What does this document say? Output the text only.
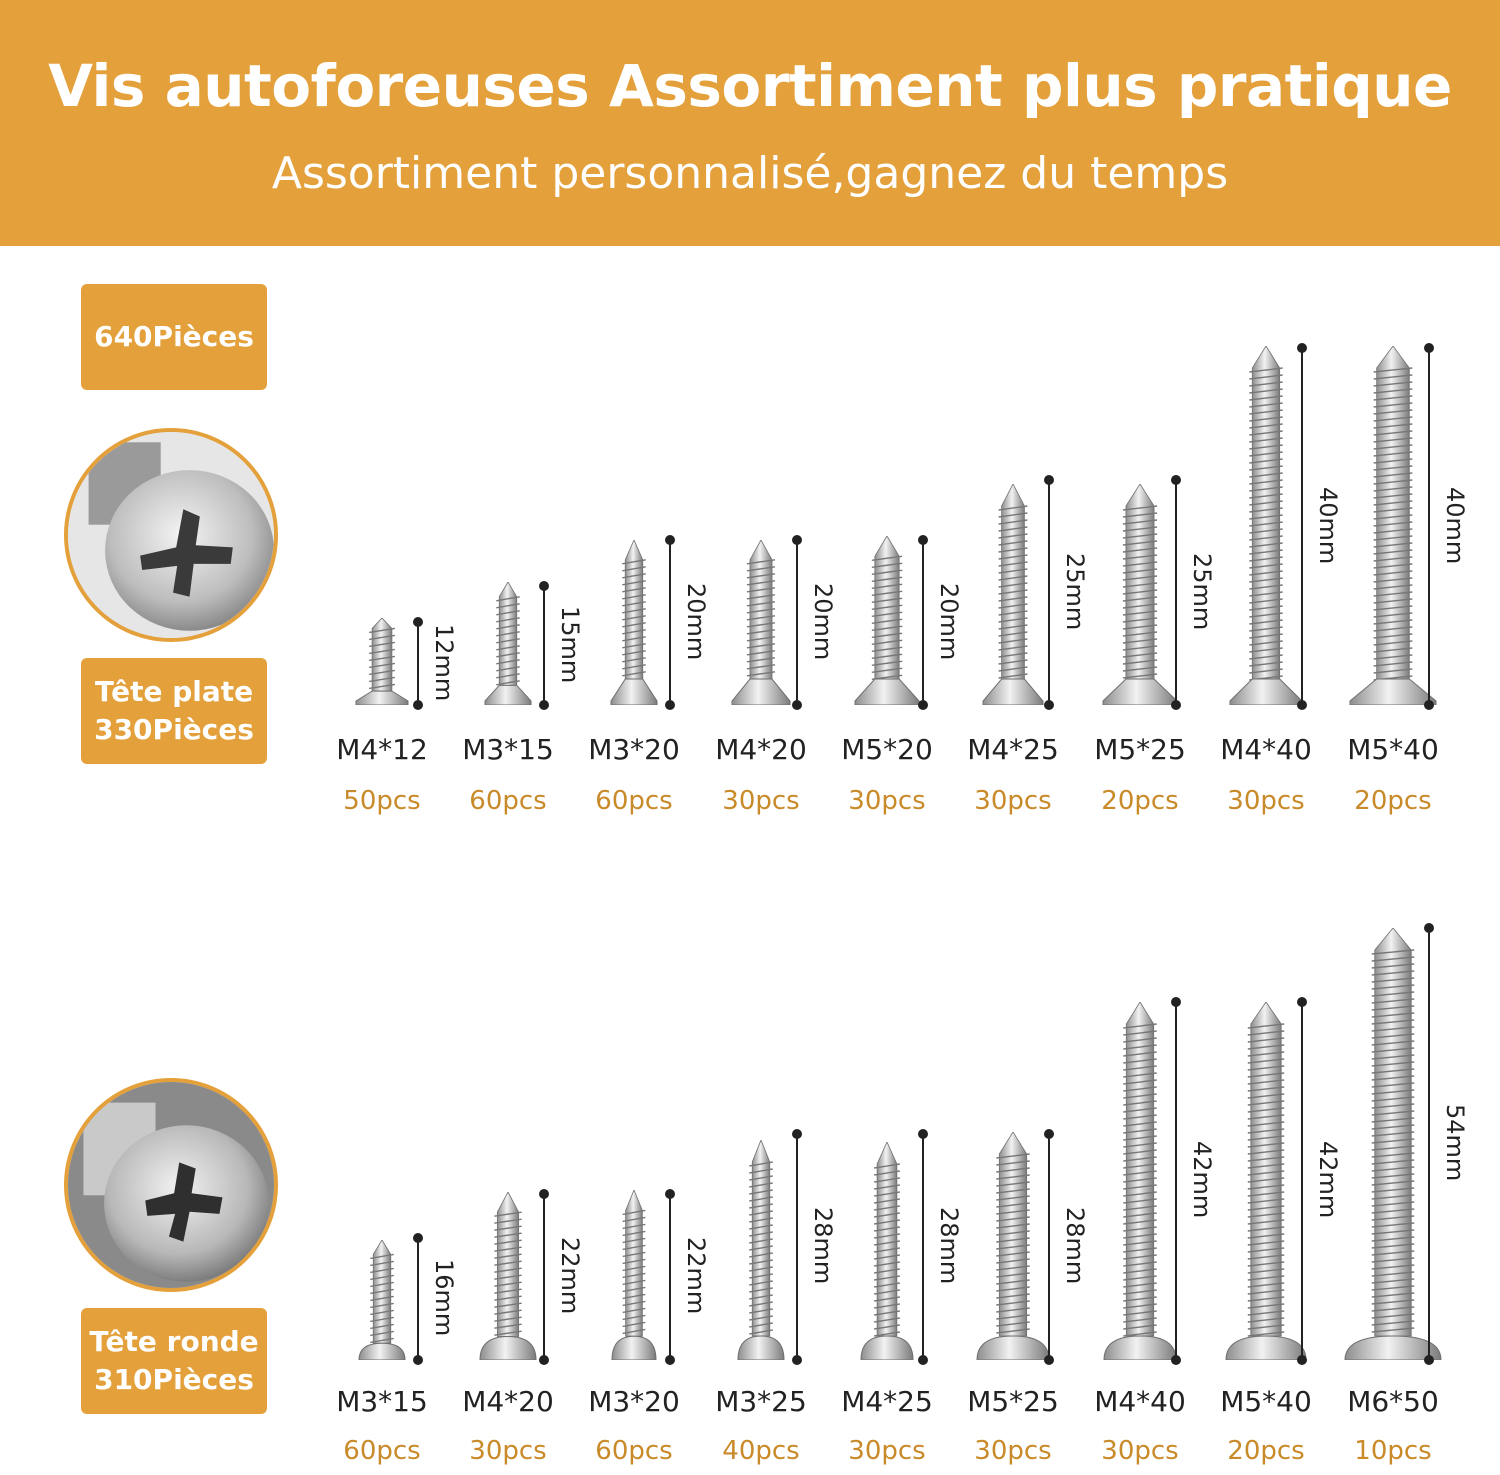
Vis autoforeuses Assortiment plus pratique
Assortiment personnalisé,gagnez du temps
640Pièces
Tête plate
330Pièces
Tête ronde
310Pièces
12mm
M4*12
50pcs
15mm
M3*15
60pcs
20mm
M3*20
60pcs
20mm
M4*20
30pcs
20mm
M5*20
30pcs
25mm
M4*25
30pcs
25mm
M5*25
20pcs
40mm
M4*40
30pcs
40mm
M5*40
20pcs
16mm
M3*15
60pcs
22mm
M4*20
30pcs
22mm
M3*20
60pcs
28mm
M3*25
40pcs
28mm
M4*25
30pcs
28mm
M5*25
30pcs
42mm
M4*40
30pcs
42mm
M5*40
20pcs
54mm
M6*50
10pcs
